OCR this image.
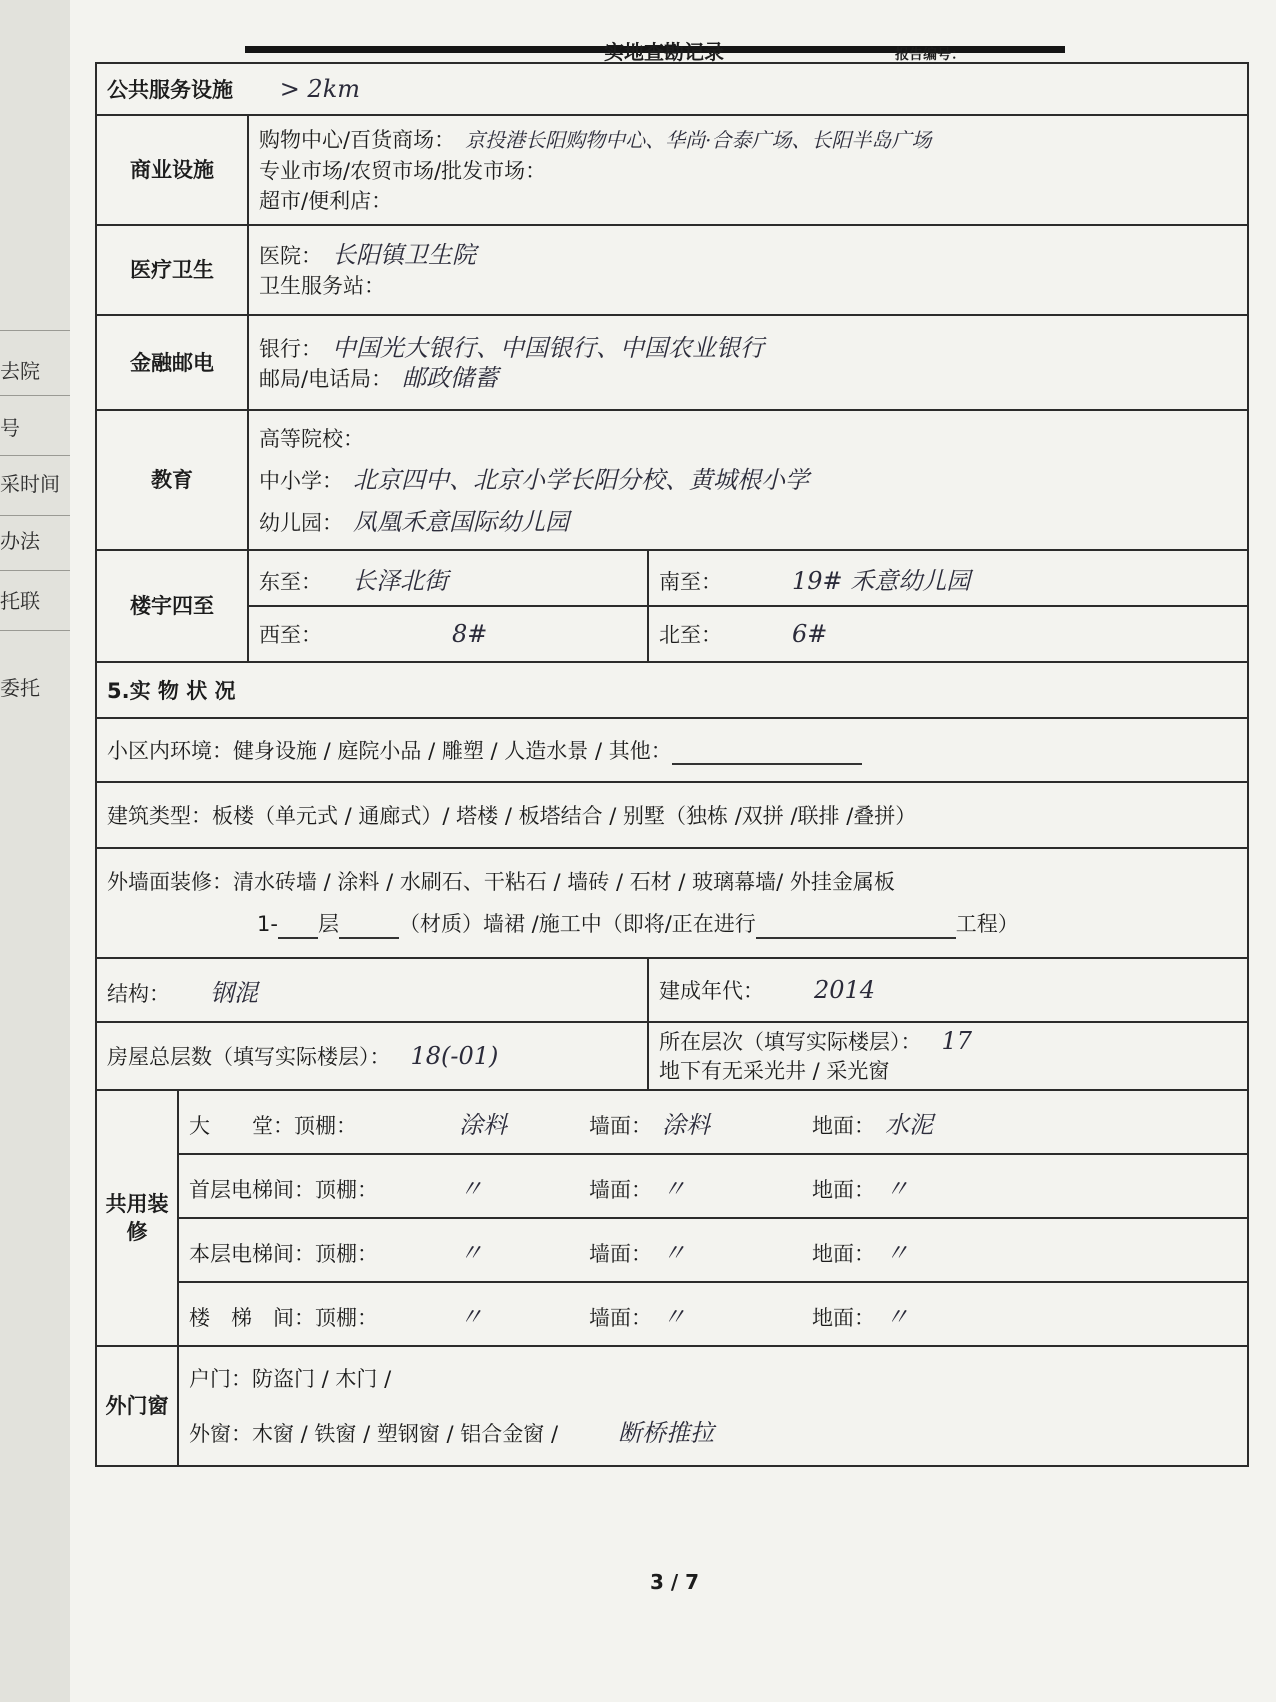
去院
号
采时间
办法
托联
委托
实地查勘记录	报告编号：
公共服务设施 > 2km			
商业设施		购物中心/百货商场： 京投港长阳购物中心、华尚·合泰广场、长阳半岛广场
专业市场/农贸市场/批发市场：
超市/便利店：	

医疗卫生		医院： 长阳镇卫生院
卫生服务站：	

金融邮电		银行： 中国光大银行、中国银行、中国农业银行
邮局/电话局： 邮政储蓄	

教育		高等院校：
中小学： 北京四中、北京小学长阳分校、黄城根小学
幼儿园： 凤凰禾意国际幼儿园	

楼宇四至		东至： 长泽北街	南至： 19# 禾意幼儿园
		西至： 8#	北至： 6#
5.实 物 状 况			
小区内环境：健身设施 / 庭院小品 / 雕塑 / 人造水景 / 其他：			
建筑类型：板楼（单元式 / 通廊式）/ 塔楼 / 板塔结合 / 别墅（独栋 /双拼 /联排 /叠拼）			

外墙面装修：清水砖墙 / 涂料 / 水刷石、干粘石 / 墙砖 / 石材 / 玻璃幕墙/ 外挂金属板
1- 层 （材质）墙裙 /施工中（即将/正在进行 工程）			

结构： 钢混			建成年代： 2014
房屋总层数（填写实际楼层）： 18(-01)			所在层次（填写实际楼层）： 17
地下有无采光井 / 采光窗

共用装修	大　　堂：顶棚： 涂料 墙面： 涂料 地面： 水泥		
	首层电梯间：顶棚： 〃 墙面： 〃 地面： 〃		
	本层电梯间：顶棚： 〃 墙面： 〃 地面： 〃		
	楼　梯　间：顶棚： 〃 墙面： 〃 地面： 〃		
外门窗	户门：防盗门 / 木门 /
外窗：木窗 / 铁窗 / 塑钢窗 / 铝合金窗 / 断桥推拉		
3 / 7
